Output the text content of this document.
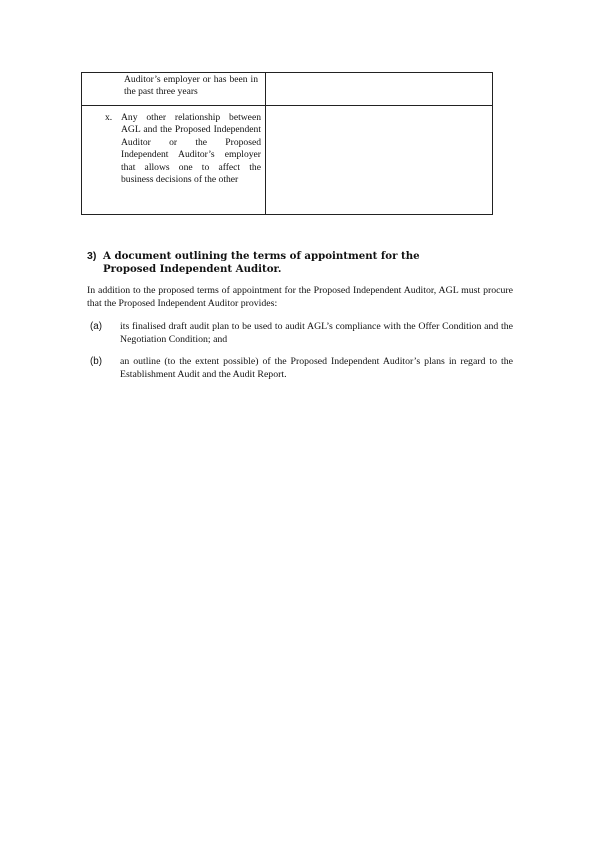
Auditor’s employer or has been in the past three years	

x. Any other relationship between AGL and the Proposed Independent Auditor or the Proposed Independent Auditor’s employer that allows one to affect the business decisions of the other	

3) A document outlining the terms of appointment for the Proposed Independent Auditor.
In addition to the proposed terms of appointment for the Proposed Independent Auditor, AGL must procure that the Proposed Independent Auditor provides:
(a) its finalised draft audit plan to be used to audit AGL’s compliance with the Offer Condition and the Negotiation Condition; and
(b) an outline (to the extent possible) of the Proposed Independent Auditor’s plans in regard to the Establishment Audit and the Audit Report.
